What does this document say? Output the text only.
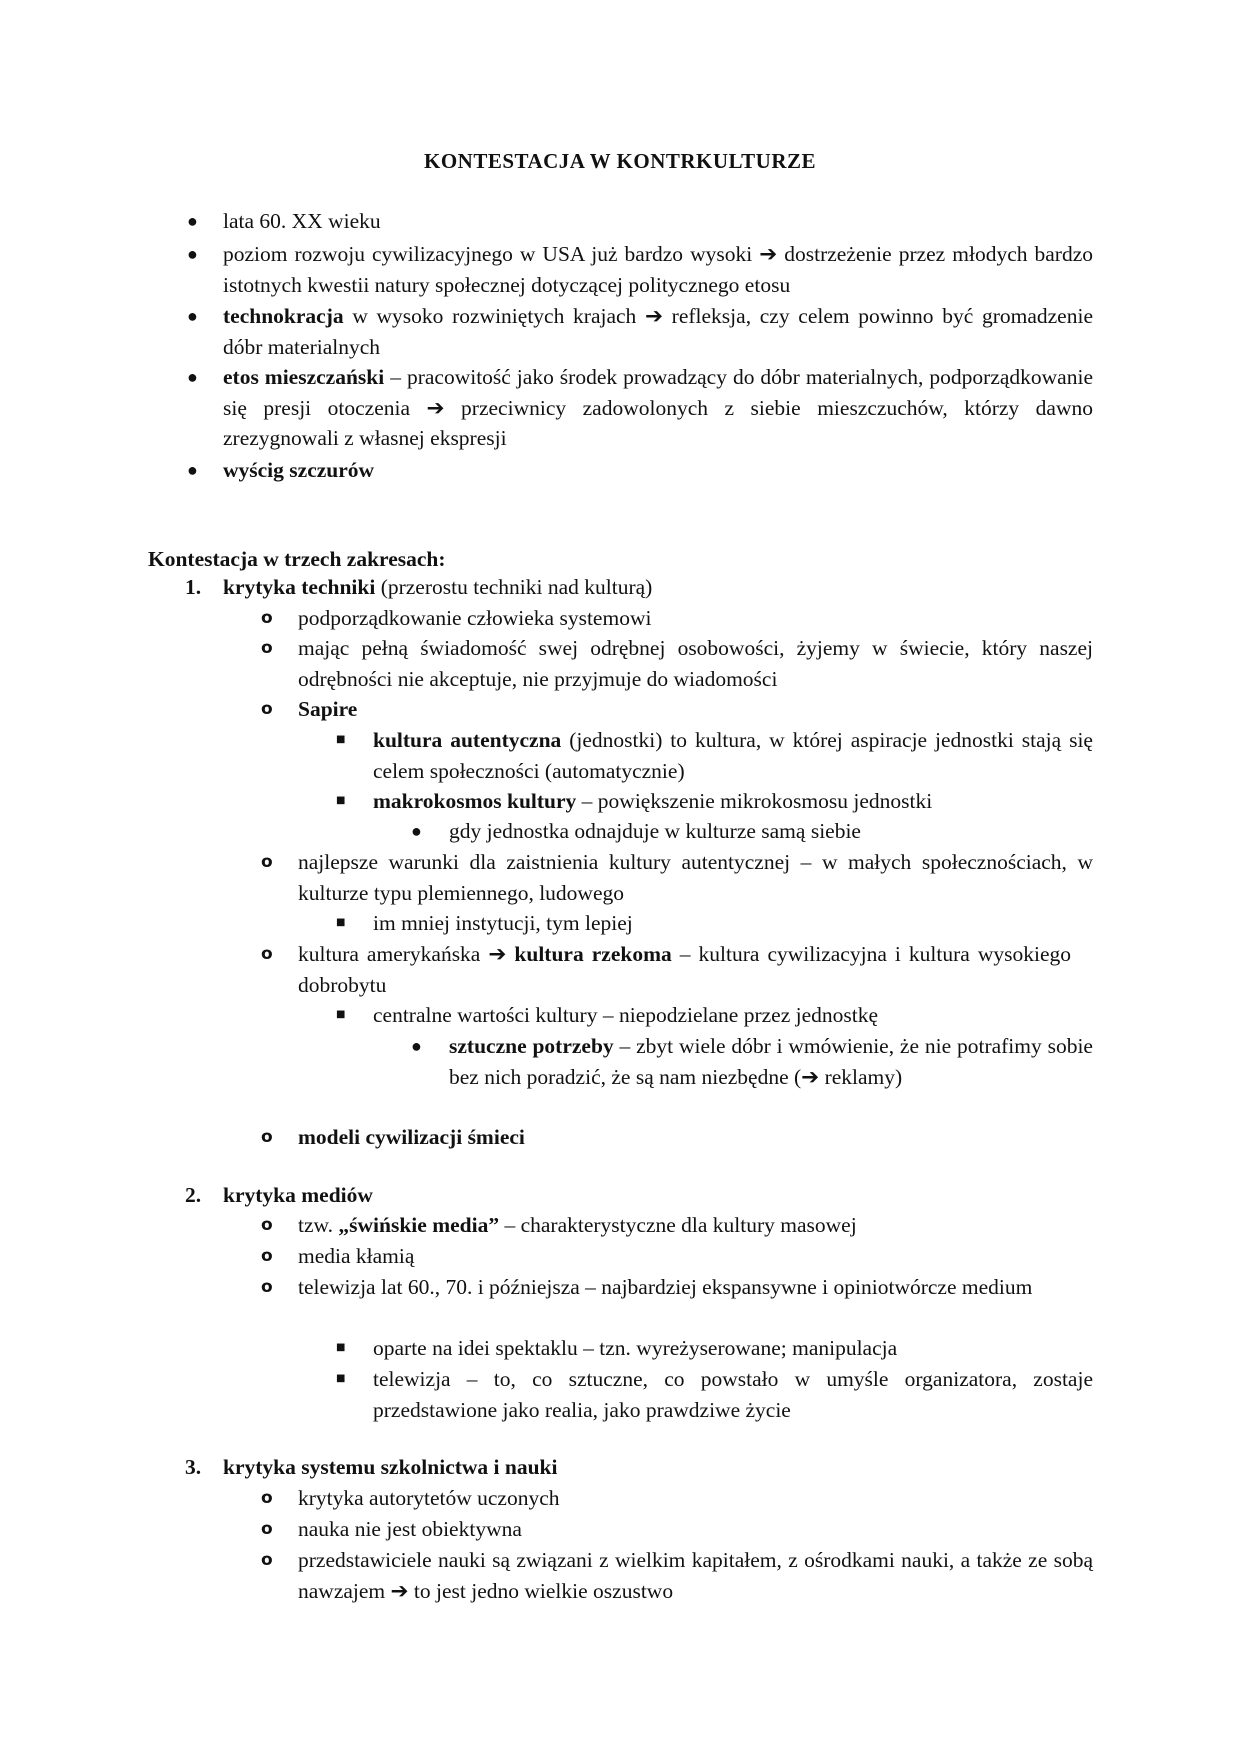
KONTESTACJA W KONTRKULTURZE
● lata 60. XX wieku

● poziom rozwoju cywilizacyjnego w USA już bardzo wysoki ➔ dostrzeżenie przez młodych bardzo istotnych kwestii natury społecznej dotyczącej politycznego etosu

● technokracja w wysoko rozwiniętych krajach ➔ refleksja, czy celem powinno być gromadzenie dóbr materialnych

● etos mieszczański – pracowitość jako środek prowadzący do dóbr materialnych, podporządkowanie się presji otoczenia ➔ przeciwnicy zadowolonych z siebie mieszczuchów, którzy dawno zrezygnowali z własnej ekspresji

● wyścig szczurów

Kontestacja w trzech zakresach:
1. krytyka techniki (przerostu techniki nad kulturą)

o podporządkowanie człowieka systemowi

o mając pełną świadomość swej odrębnej osobowości, żyjemy w świecie, który naszej odrębności nie akceptuje, nie przyjmuje do wiadomości

o Sapire

■ kultura autentyczna (jednostki) to kultura, w której aspiracje jednostki stają się celem społeczności (automatycznie)

■ makrokosmos kultury – powiększenie mikrokosmosu jednostki

● gdy jednostka odnajduje w kulturze samą siebie

o najlepsze warunki dla zaistnienia kultury autentycznej – w małych społecznościach, w kulturze typu plemiennego, ludowego

■ im mniej instytucji, tym lepiej

o kultura amerykańska ➔ kultura rzekoma – kultura cywilizacyjna i kultura wysokiego dobrobytu

■ centralne wartości kultury – niepodzielane przez jednostkę

● sztuczne potrzeby – zbyt wiele dóbr i wmówienie, że nie potrafimy sobie bez nich poradzić, że są nam niezbędne (➔ reklamy)

o modeli cywilizacji śmieci

2. krytyka mediów

o tzw. „świńskie media” – charakterystyczne dla kultury masowej

o media kłamią

o telewizja lat 60., 70. i późniejsza – najbardziej ekspansywne i opiniotwórcze medium

■ oparte na idei spektaklu – tzn. wyreżyserowane; manipulacja

■ telewizja – to, co sztuczne, co powstało w umyśle organizatora, zostaje przedstawione jako realia, jako prawdziwe życie

3. krytyka systemu szkolnictwa i nauki

o krytyka autorytetów uczonych

o nauka nie jest obiektywna

o przedstawiciele nauki są związani z wielkim kapitałem, z ośrodkami nauki, a także ze sobą nawzajem ➔ to jest jedno wielkie oszustwo
